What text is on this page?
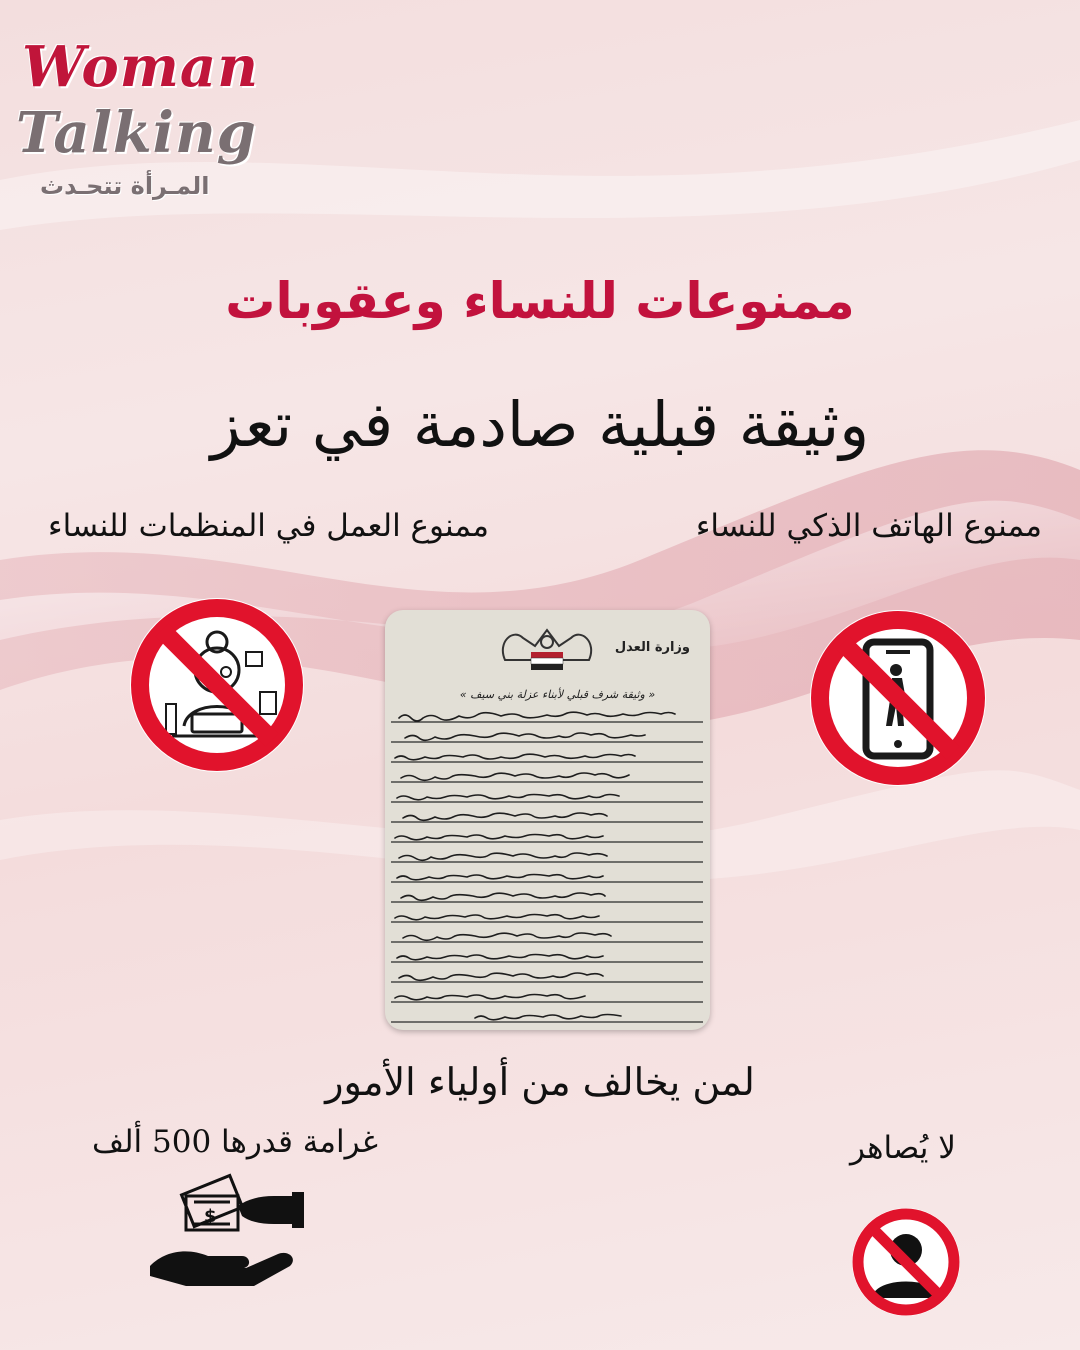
Woman
Talking
المـرأة تتحـدث
ممنوعات للنساء وعقوبات
وثيقة قبلية صادمة في تعز
ممنوع الهاتف الذكي للنساء
ممنوع العمل في المنظمات للنساء
وزارة العدل
« وثيقة شرف قبلي لأبناء عزلة بني سيف »
لمن يخالف من أولياء الأمور
غرامة قدرها 500 ألف	لا يُصاهر
$
